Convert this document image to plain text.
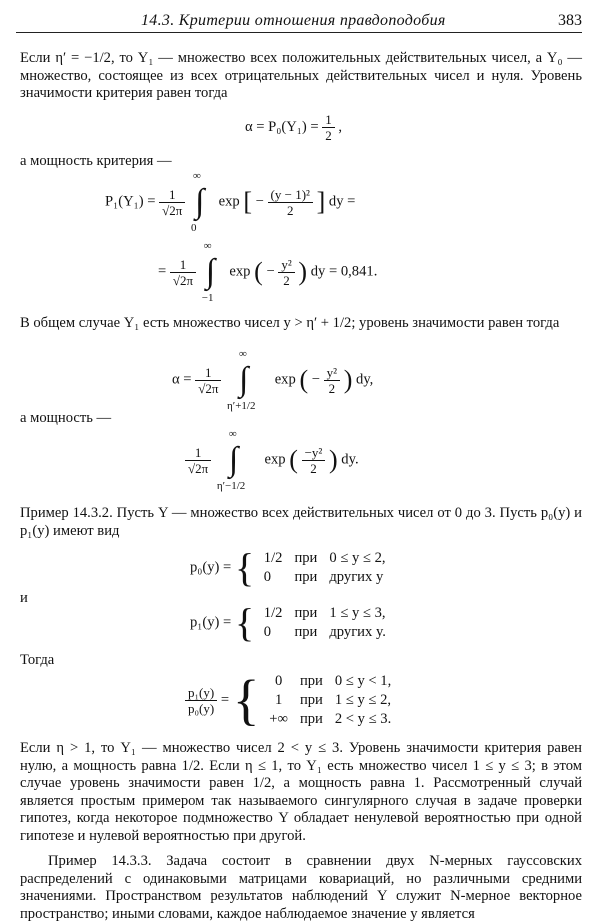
14.3. Критерии отношения правдоподобия	383

Если η′ = −1/2, то Y₁ — множество всех положительных действительных чисел, а Y₀ — множество, состоящее из всех отрицательных действительных чисел и нуля. Уровень значимости критерия равен тогда

$\alpha = P_0(Y_1) = \frac{1}{2}$ ,

а мощность критерия —

$P_1(Y_1) = \frac{1}{√2\pi}$

∞
∫
0
exp [ − $\frac{\text{(y − 1)²}}{2}$ ] dy =
= $\frac{1}{√2\pi}$

∞
∫
−1
exp ( − $\frac{\text{y²}}{2}$ ) dy = 0,841.

В общем случае Y₁ есть множество чисел y > η′ + 1/2; уровень значимости равен тогда

$\alpha = \frac{1}{√2\pi}$

∞
∫
η′+1/2
exp ( − $\frac{\text{y²}}{2}$ ) dy,

а мощность —

$\frac{1}{√2\pi}$

∞
∫
η′−1/2
exp ( $\frac{\text{−y²}}{2}$ ) dy.

Пример 14.3.2. Пусть Y — множество всех действительных чисел от 0 до 3. Пусть p₀(y) и p₁(y) имеют вид

p₀(y) = { 1/2	при	0 ≤ y ≤ 2,
0	при	других y

и

p₁(y) = { 1/2	при	1 ≤ y ≤ 3,
0	при	других y.

Тогда

$\frac{\text{p₁(y)}}{\text{p₀(y)}}$ = { 0	при	0 ≤ y < 1,
1	при	1 ≤ y ≤ 2,
+∞	при	2 < y ≤ 3.

Если η > 1, то Y₁ — множество чисел 2 < y ≤ 3. Уровень значимости критерия равен нулю, а мощность равна 1/2. Если η ≤ 1, то Y₁ есть множество чисел 1 ≤ y ≤ 3; в этом случае уровень значимости равен 1/2, а мощность равна 1. Рассмотренный случай является простым примером так называемого сингулярного случая в задаче проверки гипотез, когда некоторое подмножество Y обладает ненулевой вероятностью при одной гипотезе и нулевой вероятностью при другой.

Пример 14.3.3. Задача состоит в сравнении двух N-мерных гауссовских распределений с одинаковыми матрицами ковариаций, но различными средними значениями. Пространством результатов наблюдений Y служит N-мерное векторное пространство; иными словами, каждое наблюдаемое значение y является
